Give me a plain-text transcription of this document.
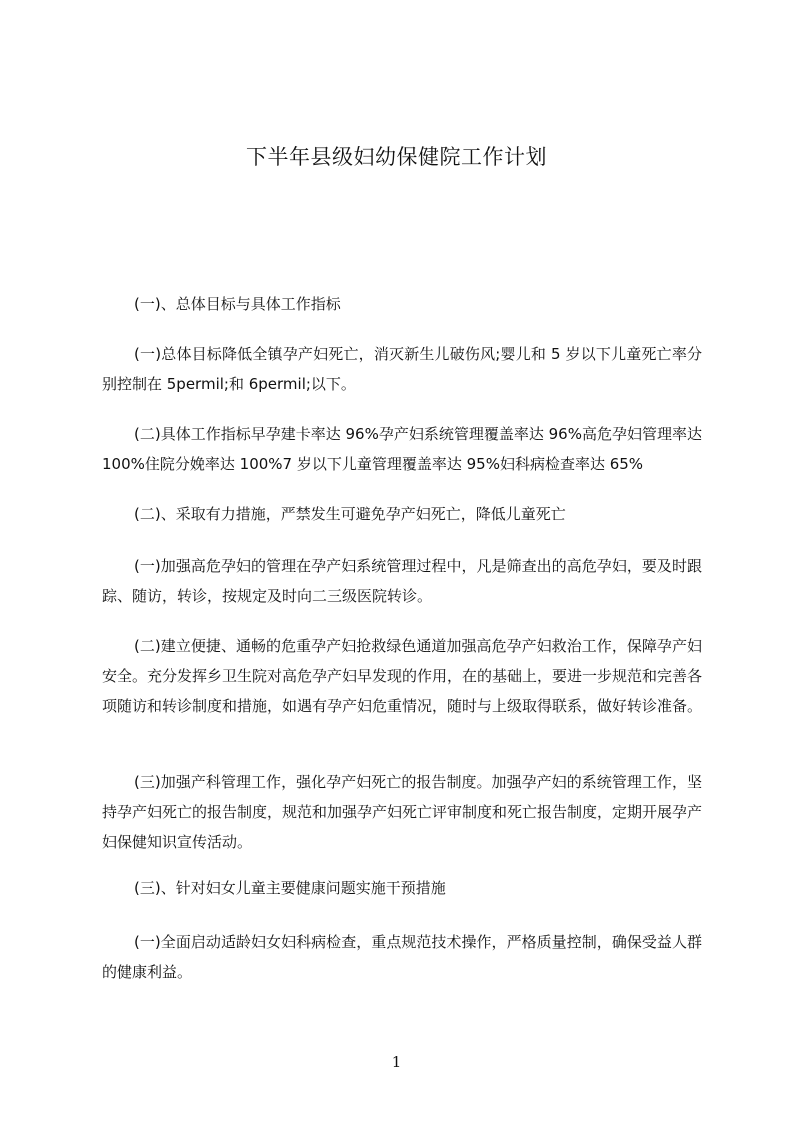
下半年县级妇幼保健院工作计划

(一)、总体目标与具体工作指标

(一)总体目标降低全镇孕产妇死亡，消灭新生儿破伤风;婴儿和 5 岁以下儿童死亡率分别控制在 5permil;和 6permil;以下。

(二)具体工作指标早孕建卡率达 96%孕产妇系统管理覆盖率达 96%高危孕妇管理率达 100%住院分娩率达 100%7 岁以下儿童管理覆盖率达 95%妇科病检查率达 65%

(二)、采取有力措施，严禁发生可避免孕产妇死亡，降低儿童死亡

(一)加强高危孕妇的管理在孕产妇系统管理过程中，凡是筛查出的高危孕妇，要及时跟踪、随访，转诊，按规定及时向二三级医院转诊。

(二)建立便捷、通畅的危重孕产妇抢救绿色通道加强高危孕产妇救治工作，保障孕产妇安全。充分发挥乡卫生院对高危孕产妇早发现的作用，在的基础上，要进一步规范和完善各项随访和转诊制度和措施，如遇有孕产妇危重情况，随时与上级取得联系，做好转诊准备。

(三)加强产科管理工作，强化孕产妇死亡的报告制度。加强孕产妇的系统管理工作，坚持孕产妇死亡的报告制度，规范和加强孕产妇死亡评审制度和死亡报告制度，定期开展孕产妇保健知识宣传活动。

(三)、针对妇女儿童主要健康问题实施干预措施

(一)全面启动适龄妇女妇科病检查，重点规范技术操作，严格质量控制，确保受益人群的健康利益。

1
